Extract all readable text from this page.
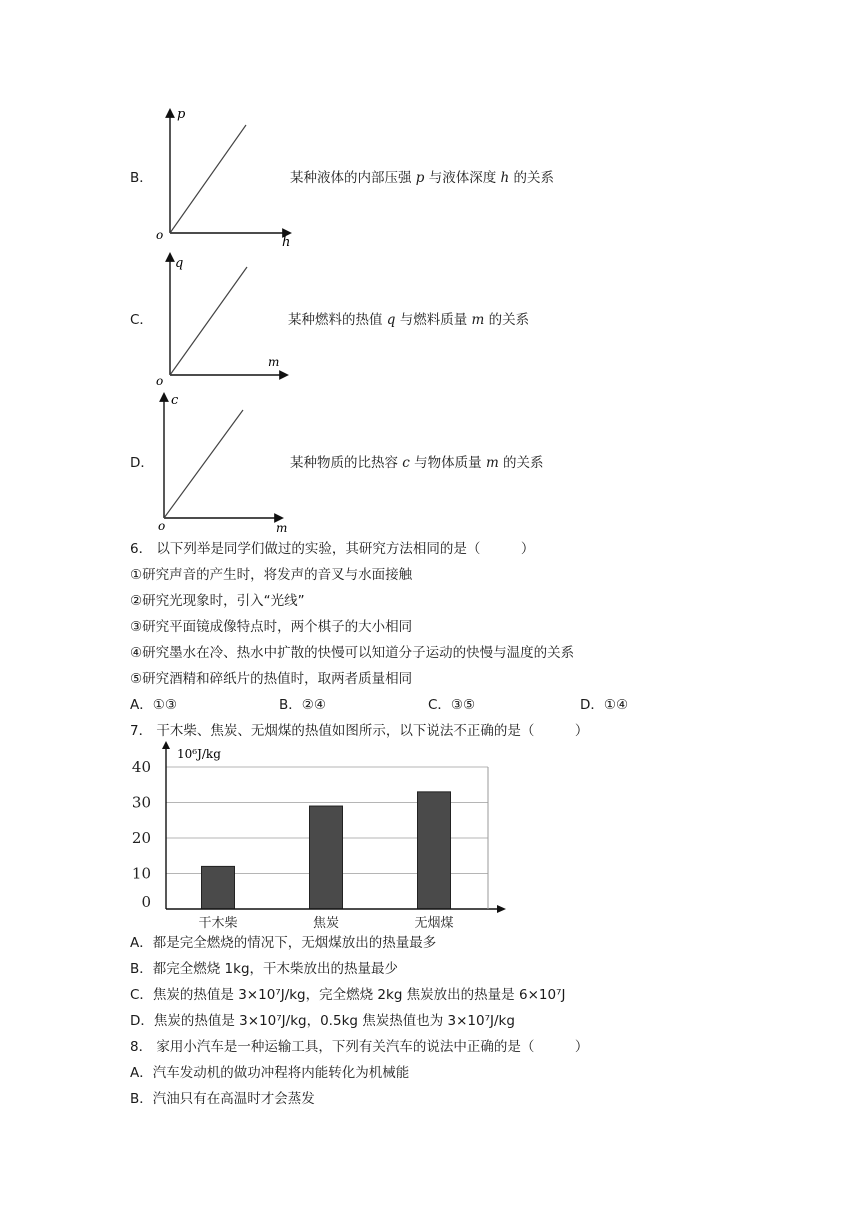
p
h
o
B．	某种液体的内部压强 p 与液体深度 h 的关系
q
m
o
C．	某种燃料的热值 q 与燃料质量 m 的关系
c
m
o
D．	某种物质的比热容 c 与物体质量 m 的关系
6． 以下列举是同学们做过的实验，其研究方法相同的是（　　　）
①研究声音的产生时，将发声的音叉与水面接触
②研究光现象时，引入“光线”
③研究平面镜成像特点时，两个棋子的大小相同
④研究墨水在冷、热水中扩散的快慢可以知道分子运动的快慢与温度的关系
⑤研究酒精和碎纸片的热值时，取两者质量相同
A．①③	B．②④	C．③⑤	D．①④
7． 干木柴、焦炭、无烟煤的热值如图所示，以下说法不正确的是（　　　）
0
10
20
30
40
干木柴	焦炭	无烟煤
10⁶J/kg
A．都是完全燃烧的情况下，无烟煤放出的热量最多
B．都完全燃烧 1kg，干木柴放出的热量最少
C．焦炭的热值是 3×10⁷J/kg，完全燃烧 2kg 焦炭放出的热量是 6×10⁷J
D．焦炭的热值是 3×10⁷J/kg，0.5kg 焦炭热值也为 3×10⁷J/kg
8． 家用小汽车是一种运输工具，下列有关汽车的说法中正确的是（　　　）
A．汽车发动机的做功冲程将内能转化为机械能
B．汽油只有在高温时才会蒸发
